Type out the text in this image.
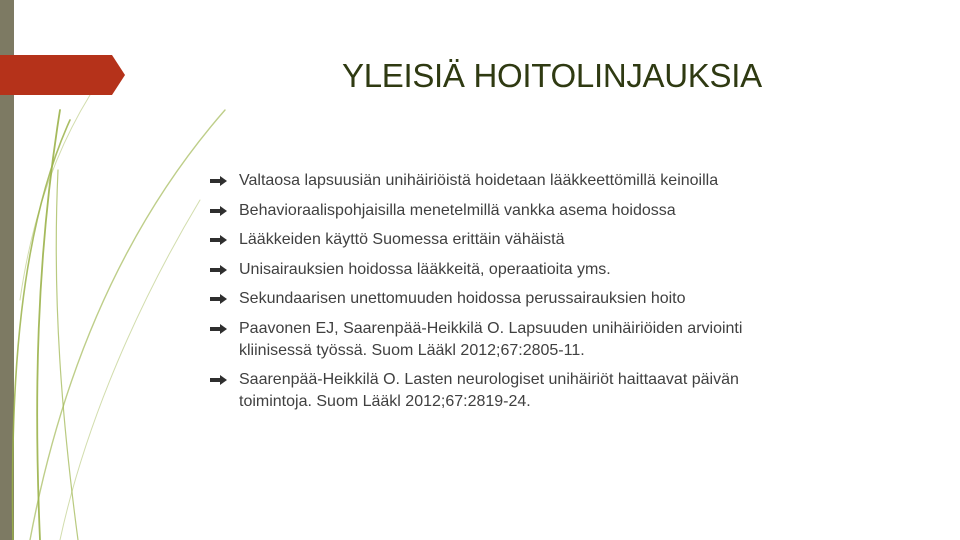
YLEISIÄ HOITOLINJAUKSIA
Valtaosa lapsuusiän unihäiriöistä hoidetaan lääkkeettömillä keinoilla
Behavioraalispohjaisilla menetelmillä vankka asema hoidossa
Lääkkeiden käyttö Suomessa erittäin vähäistä
Unisairauksien hoidossa lääkkeitä, operaatioita yms.
Sekundaarisen unettomuuden hoidossa perussairauksien hoito
Paavonen EJ, Saarenpää-Heikkilä O. Lapsuuden unihäiriöiden arviointi
kliinisessä työssä. Suom Lääkl 2012;67:2805-11.
Saarenpää-Heikkilä O. Lasten neurologiset unihäiriöt haittaavat päivän
toimintoja. Suom Lääkl 2012;67:2819-24.
